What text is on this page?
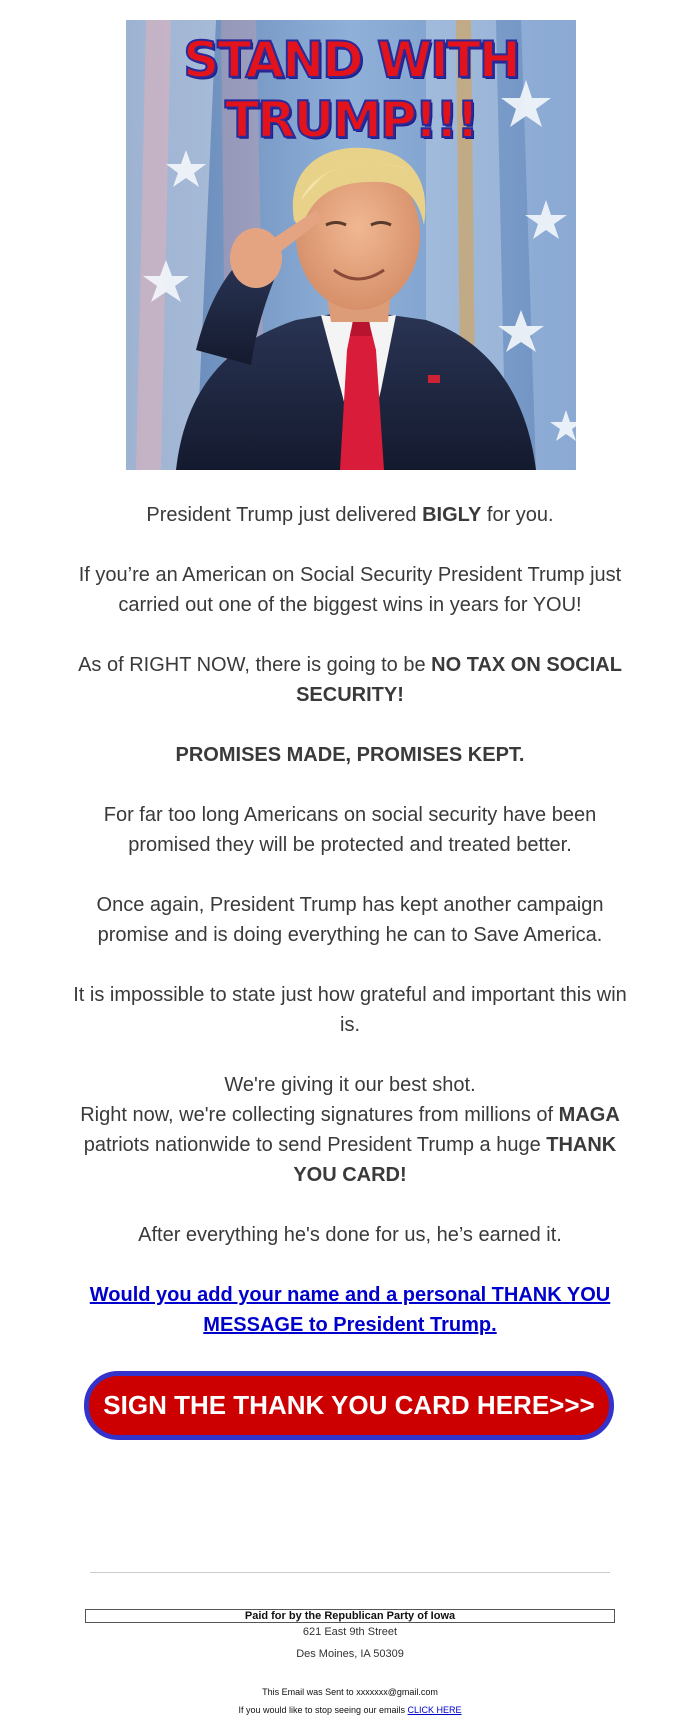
STAND WITH
TRUMP!!!
President Trump just delivered BIGLY for you.
If you’re an American on Social Security President Trump just carried out one of the biggest wins in years for YOU!
As of RIGHT NOW, there is going to be NO TAX ON SOCIAL SECURITY!
PROMISES MADE, PROMISES KEPT.
For far too long Americans on social security have been promised they will be protected and treated better.
Once again, President Trump has kept another campaign promise and is doing everything he can to Save America.
It is impossible to state just how grateful and important this win is.
We're giving it our best shot.
Right now, we're collecting signatures from millions of MAGA patriots nationwide to send President Trump a huge THANK YOU CARD!
After everything he's done for us, he’s earned it.
Would you add your name and a personal THANK YOU MESSAGE to President Trump.
SIGN THE THANK YOU CARD HERE>>>
Paid for by the Republican Party of Iowa
621 East 9th Street
Des Moines, IA 50309
This Email was Sent to xxxxxxx@gmail.com
If you would like to stop seeing our emails CLICK HERE
